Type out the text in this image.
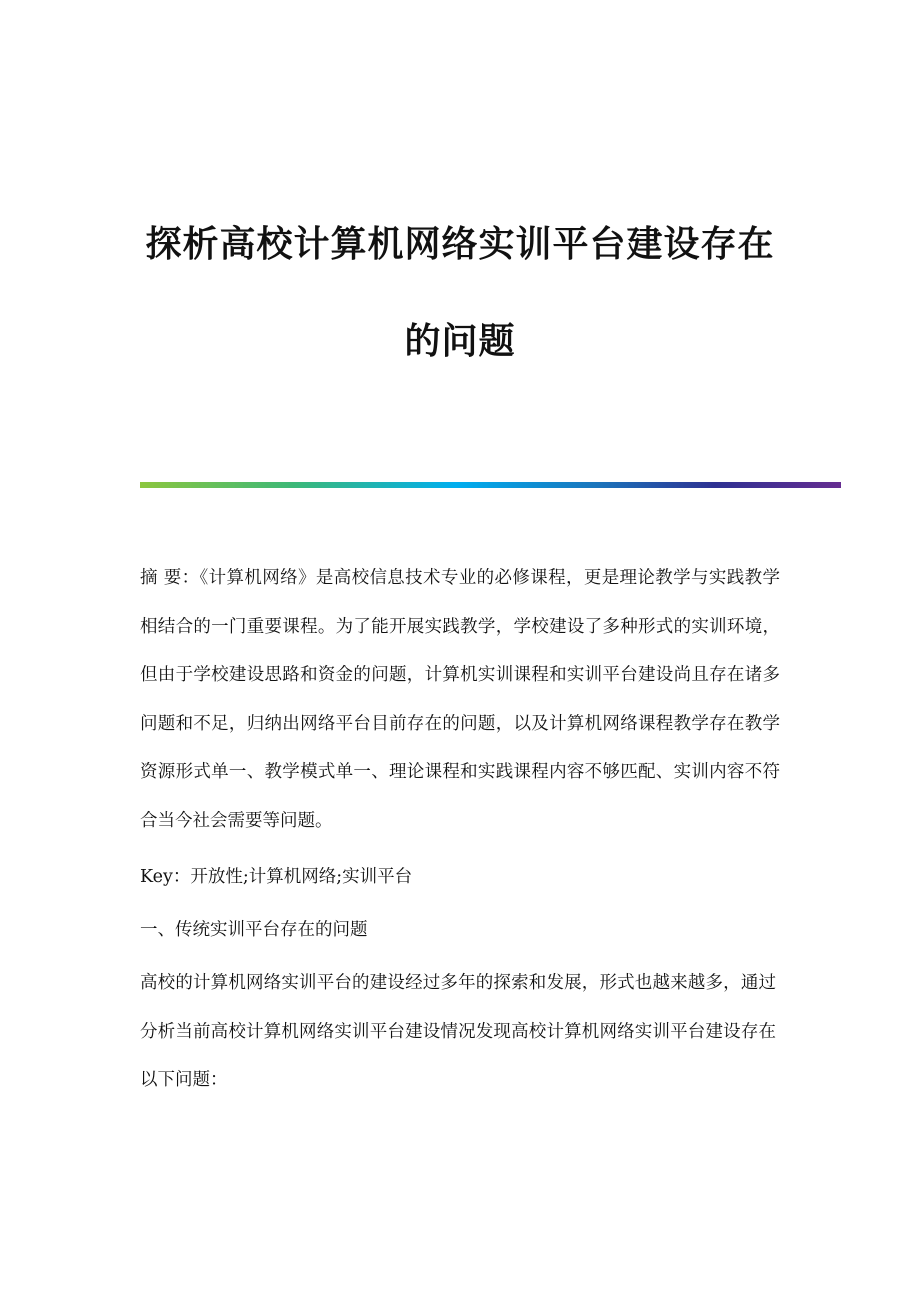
探析高校计算机网络实训平台建设存在
的问题
摘 要：《计算机网络》是高校信息技术专业的必修课程，更是理论教学与实践教学相结合的一门重要课程。为了能开展实践教学，学校建设了多种形式的实训环境，但由于学校建设思路和资金的问题，计算机实训课程和实训平台建设尚且存在诸多问题和不足，归纳出网络平台目前存在的问题，以及计算机网络课程教学存在教学资源形式单一、教学模式单一、理论课程和实践课程内容不够匹配、实训内容不符合当今社会需要等问题。
Key：开放性;计算机网络;实训平台
一、传统实训平台存在的问题
高校的计算机网络实训平台的建设经过多年的探索和发展，形式也越来越多，通过分析当前高校计算机网络实训平台建设情况发现高校计算机网络实训平台建设存在以下问题：
